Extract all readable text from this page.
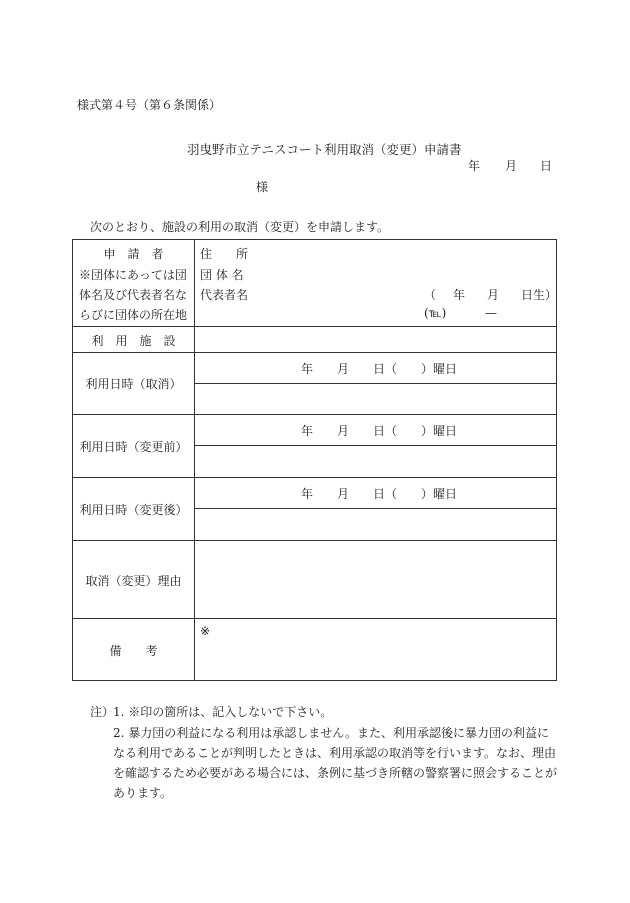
様式第４号（第６条関係）
羽曳野市立テニスコート利用取消（変更）申請書
年 月 日
様
次のとおり、施設の利用の取消（変更）を申請します。
申　請　者
※団体にあっては団
体名及び代表者名な
らびに団体の所在地
住　　所
団 体 名
代表者名	（ 年 月 日生）
(℡)	—
利　用　施　設
利用日時（取消）
年　　月　　日（　　）曜日
利用日時（変更前）
年　　月　　日（　　）曜日
利用日時（変更後）
年　　月　　日（　　）曜日
取消（変更）理由
備　　考
※
注）
1. ※印の箇所は、記入しないで下さい。
2. 暴力団の利益になる利用は承認しません。また、利用承認後に暴力団の利益になる利用であることが判明したときは、利用承認の取消等を行います。なお、理由を確認するため必要がある場合には、条例に基づき所轄の警察署に照会することがあります。
